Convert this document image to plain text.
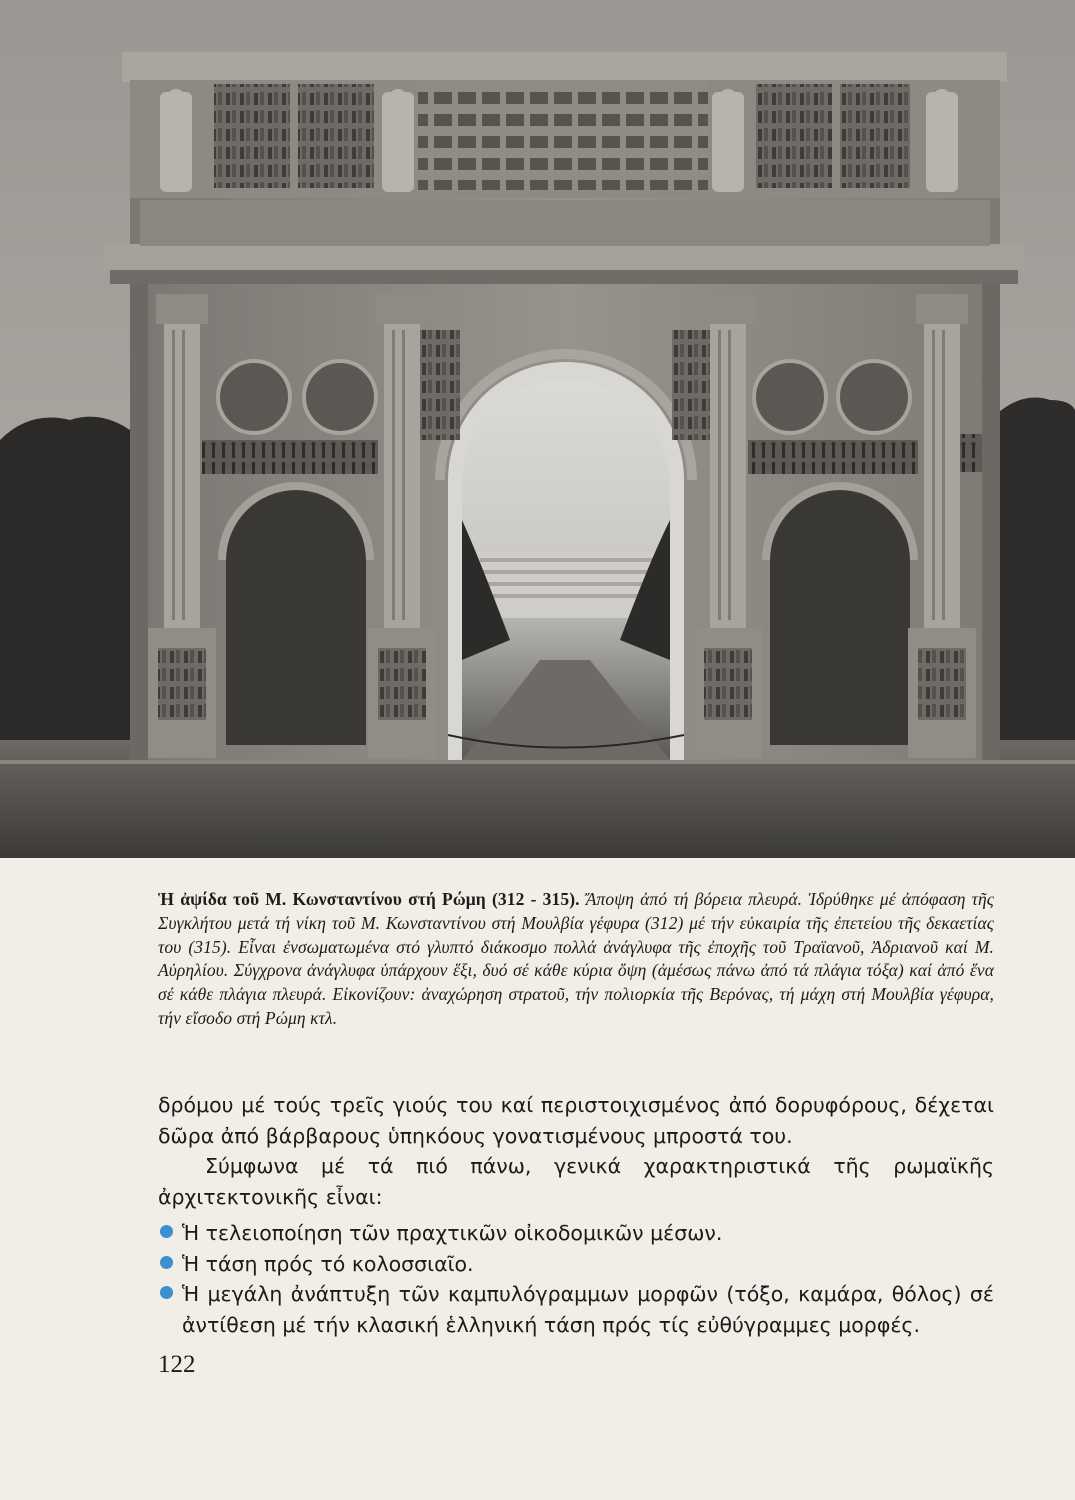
Ἡ ἀψίδα τοῦ Μ. Κωνσταντίνου στή Ρώμη (312 - 315). Ἄποψη ἀπό τή βόρεια πλευρά. Ἱδρύθηκε μέ ἀπόφαση τῆς Συγκλήτου μετά τή νίκη τοῦ Μ. Κωνσταντίνου στή Μουλβία γέφυρα (312) μέ τήν εὐκαιρία τῆς ἐπετείου τῆς δεκαετίας του (315). Εἶναι ἐνσωματωμένα στό γλυπτό διάκοσμο πολλά ἀνάγλυφα τῆς ἐποχῆς τοῦ Τραϊανοῦ, Ἀδριανοῦ καί Μ. Αὐρηλίου. Σύγχρονα ἀνάγλυφα ὑπάρχουν ἕξι, δυό σέ κάθε κύρια ὄψη (ἀμέσως πάνω ἀπό τά πλάγια τόξα) καί ἀπό ἕνα σέ κάθε πλάγια πλευρά. Εἰκονίζουν: ἀναχώρηση στρατοῦ, τήν πολιορκία τῆς Βερόνας, τή μάχη στή Μουλβία γέφυρα, τήν εἴσοδο στή Ρώμη κτλ.

δρόμου μέ τούς τρεῖς γιούς του καί περιστοιχισμένος ἀπό δορυφόρους, δέχεται δῶρα ἀπό βάρβαρους ὑπηκόους γονατισμένους μπροστά του.

Σύμφωνα μέ τά πιό πάνω, γενικά χαρακτηριστικά τῆς ρωμαϊκῆς ἀρχιτεκτονικῆς εἶναι:

Ἡ τελειοποίηση τῶν πραχτικῶν οἰκοδομικῶν μέσων.
Ἡ τάση πρός τό κολοσσιαῖο.
Ἡ μεγάλη ἀνάπτυξη τῶν καμπυλόγραμμων μορφῶν (τόξο, καμάρα, θόλος) σέ ἀντίθεση μέ τήν κλασική ἑλληνική τάση πρός τίς εὐθύγραμμες μορφές.
122
